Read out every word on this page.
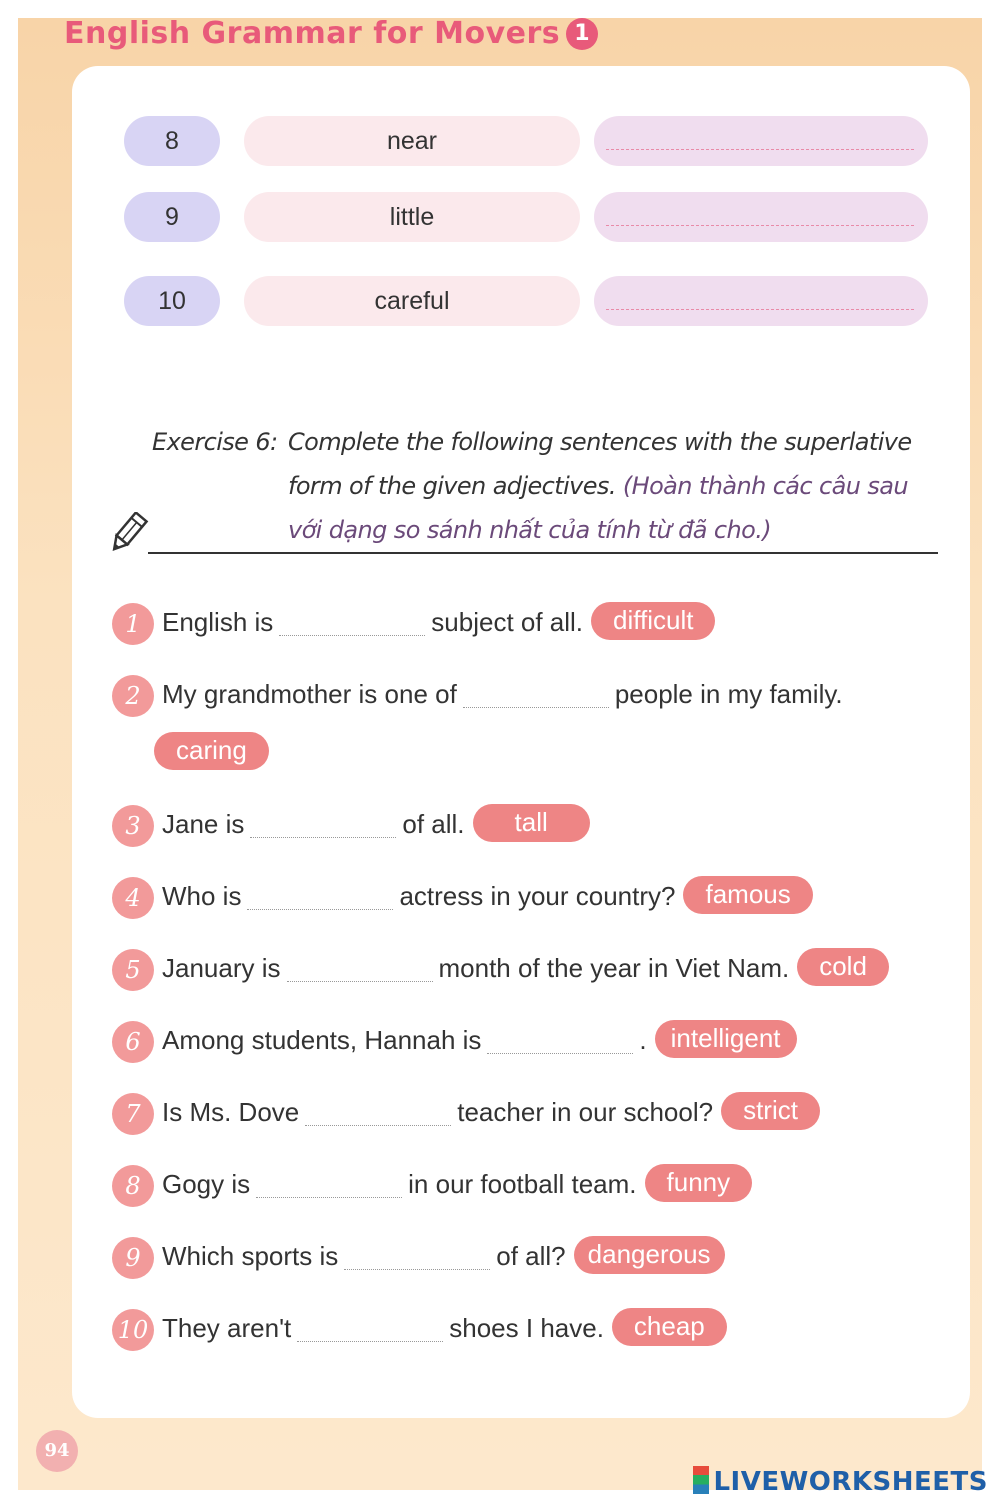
English Grammar for Movers 1
8	near
9	little
10	careful
Exercise 6: Complete the following sentences with the superlative form of the given adjectives. (Hoàn thành các câu sau với dạng so sánh nhất của tính từ đã cho.)
1 English is	subject of all. difficult
2 My grandmother is one of	people in my family.
caring
3 Jane is	of all. tall
4 Who is	actress in your country? famous
5 January is	month of the year in Viet Nam. cold
6 Among students, Hannah is	. intelligent
7 Is Ms. Dove	teacher in our school? strict
8 Gogy is	in our football team. funny
9 Which sports is	of all? dangerous
10 They aren't	shoes I have. cheap
94
LIVEWORKSHEETS
